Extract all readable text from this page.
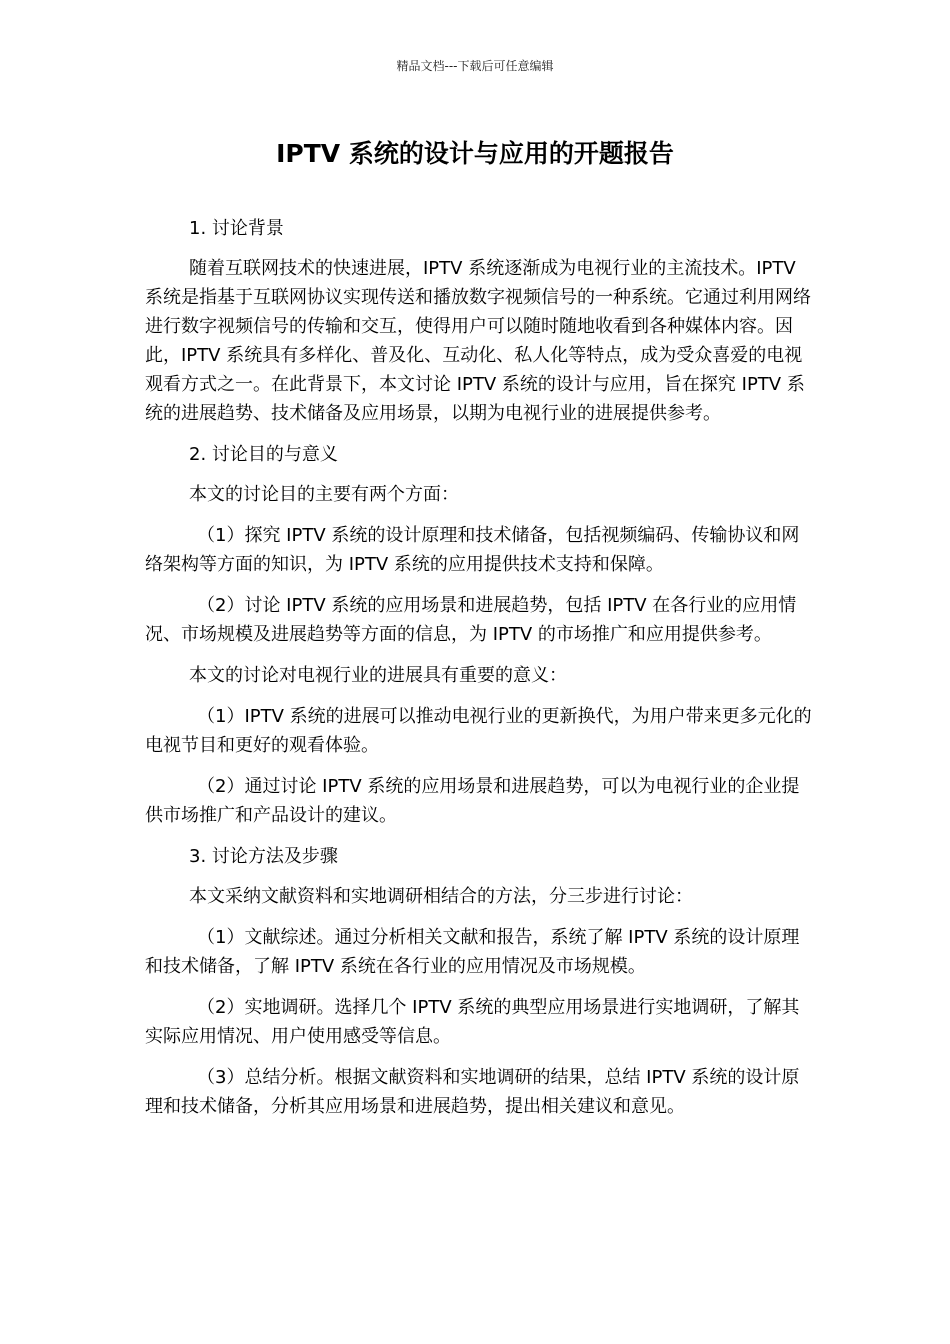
精品文档---下载后可任意编辑
IPTV 系统的设计与应用的开题报告

1. 讨论背景

随着互联网技术的快速进展，IPTV 系统逐渐成为电视行业的主流技术。IPTV 系统是指基于互联网协议实现传送和播放数字视频信号的一种系统。它通过利用网络进行数字视频信号的传输和交互，使得用户可以随时随地收看到各种媒体内容。因此，IPTV 系统具有多样化、普及化、互动化、私人化等特点，成为受众喜爱的电视观看方式之一。在此背景下，本文讨论 IPTV 系统的设计与应用，旨在探究 IPTV 系统的进展趋势、技术储备及应用场景，以期为电视行业的进展提供参考。

2. 讨论目的与意义

本文的讨论目的主要有两个方面：

（1）探究 IPTV 系统的设计原理和技术储备，包括视频编码、传输协议和网络架构等方面的知识，为 IPTV 系统的应用提供技术支持和保障。

（2）讨论 IPTV 系统的应用场景和进展趋势，包括 IPTV 在各行业的应用情况、市场规模及进展趋势等方面的信息，为 IPTV 的市场推广和应用提供参考。

本文的讨论对电视行业的进展具有重要的意义：

（1）IPTV 系统的进展可以推动电视行业的更新换代，为用户带来更多元化的电视节目和更好的观看体验。

（2）通过讨论 IPTV 系统的应用场景和进展趋势，可以为电视行业的企业提供市场推广和产品设计的建议。

3. 讨论方法及步骤

本文采纳文献资料和实地调研相结合的方法，分三步进行讨论：

（1）文献综述。通过分析相关文献和报告，系统了解 IPTV 系统的设计原理和技术储备，了解 IPTV 系统在各行业的应用情况及市场规模。

（2）实地调研。选择几个 IPTV 系统的典型应用场景进行实地调研，了解其实际应用情况、用户使用感受等信息。

（3）总结分析。根据文献资料和实地调研的结果，总结 IPTV 系统的设计原理和技术储备，分析其应用场景和进展趋势，提出相关建议和意见。
